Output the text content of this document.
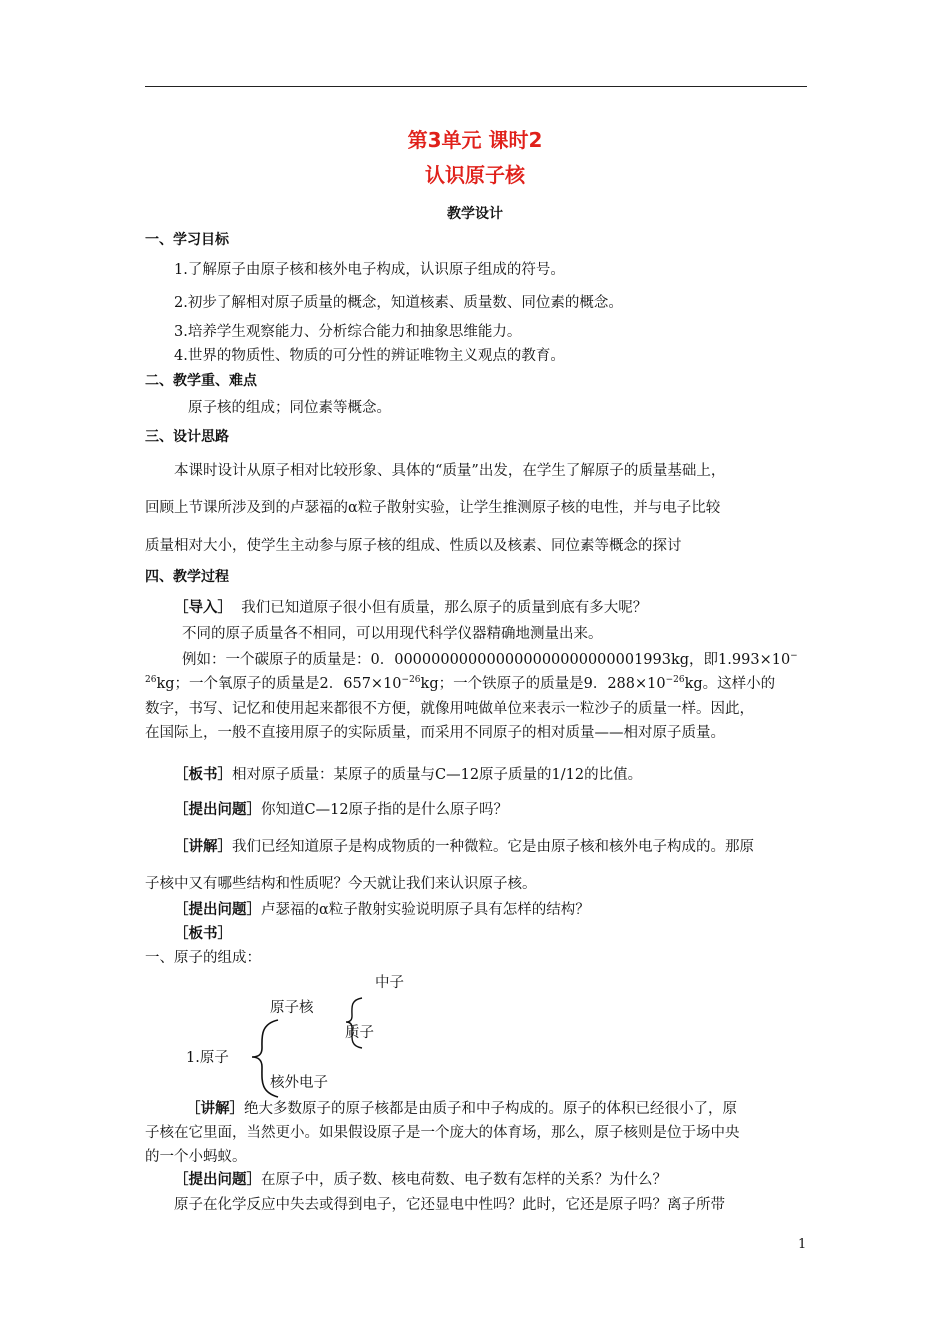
第3单元 课时2
认识原子核
教学设计
一、学习目标
1.了解原子由原子核和核外电子构成，认识原子组成的符号。
2.初步了解相对原子质量的概念，知道核素、质量数、同位素的概念。
3.培养学生观察能力、分析综合能力和抽象思维能力。
4.世界的物质性、物质的可分性的辨证唯物主义观点的教育。
二、教学重、难点
原子核的组成；同位素等概念。
三、设计思路
本课时设计从原子相对比较形象、具体的“质量”出发，在学生了解原子的质量基础上，
回顾上节课所涉及到的卢瑟福的α粒子散射实验，让学生推测原子核的电性，并与电子比较
质量相对大小，使学生主动参与原子核的组成、性质以及核素、同位素等概念的探讨
四、教学过程
［导入］ 我们已知道原子很小但有质量，那么原子的质量到底有多大呢？
不同的原子质量各不相同，可以用现代科学仪器精确地测量出来。
例如：一个碳原子的质量是：0．000000000000000000000000001993kg，即1.993×10−
$^{26}$kg；一个氧原子的质量是2．$657\times 10^{-26}kg$；一个铁原子的质量是9．$288\times 10^{-26}kg$。这样小的
数字，书写、记忆和使用起来都很不方便，就像用吨做单位来表示一粒沙子的质量一样。因此，
在国际上，一般不直接用原子的实际质量，而采用不同原子的相对质量——相对原子质量。
［板书］相对原子质量：某原子的质量与C—12原子质量的1/12的比值。
［提出问题］你知道C—12原子指的是什么原子吗？
［讲解］我们已经知道原子是构成物质的一种微粒。它是由原子核和核外电子构成的。那原
子核中又有哪些结构和性质呢？今天就让我们来认识原子核。
［提出问题］卢瑟福的α粒子散射实验说明原子具有怎样的结构？
［板书］
一、原子的组成：
中子
原子核
质子
1.原子
核外电子
［讲解］绝大多数原子的原子核都是由质子和中子构成的。原子的体积已经很小了，原
子核在它里面，当然更小。如果假设原子是一个庞大的体育场，那么，原子核则是位于场中央
的一个小蚂蚁。
［提出问题］在原子中，质子数、核电荷数、电子数有怎样的关系？为什么？
原子在化学反应中失去或得到电子，它还显电中性吗？此时，它还是原子吗？离子所带
1
